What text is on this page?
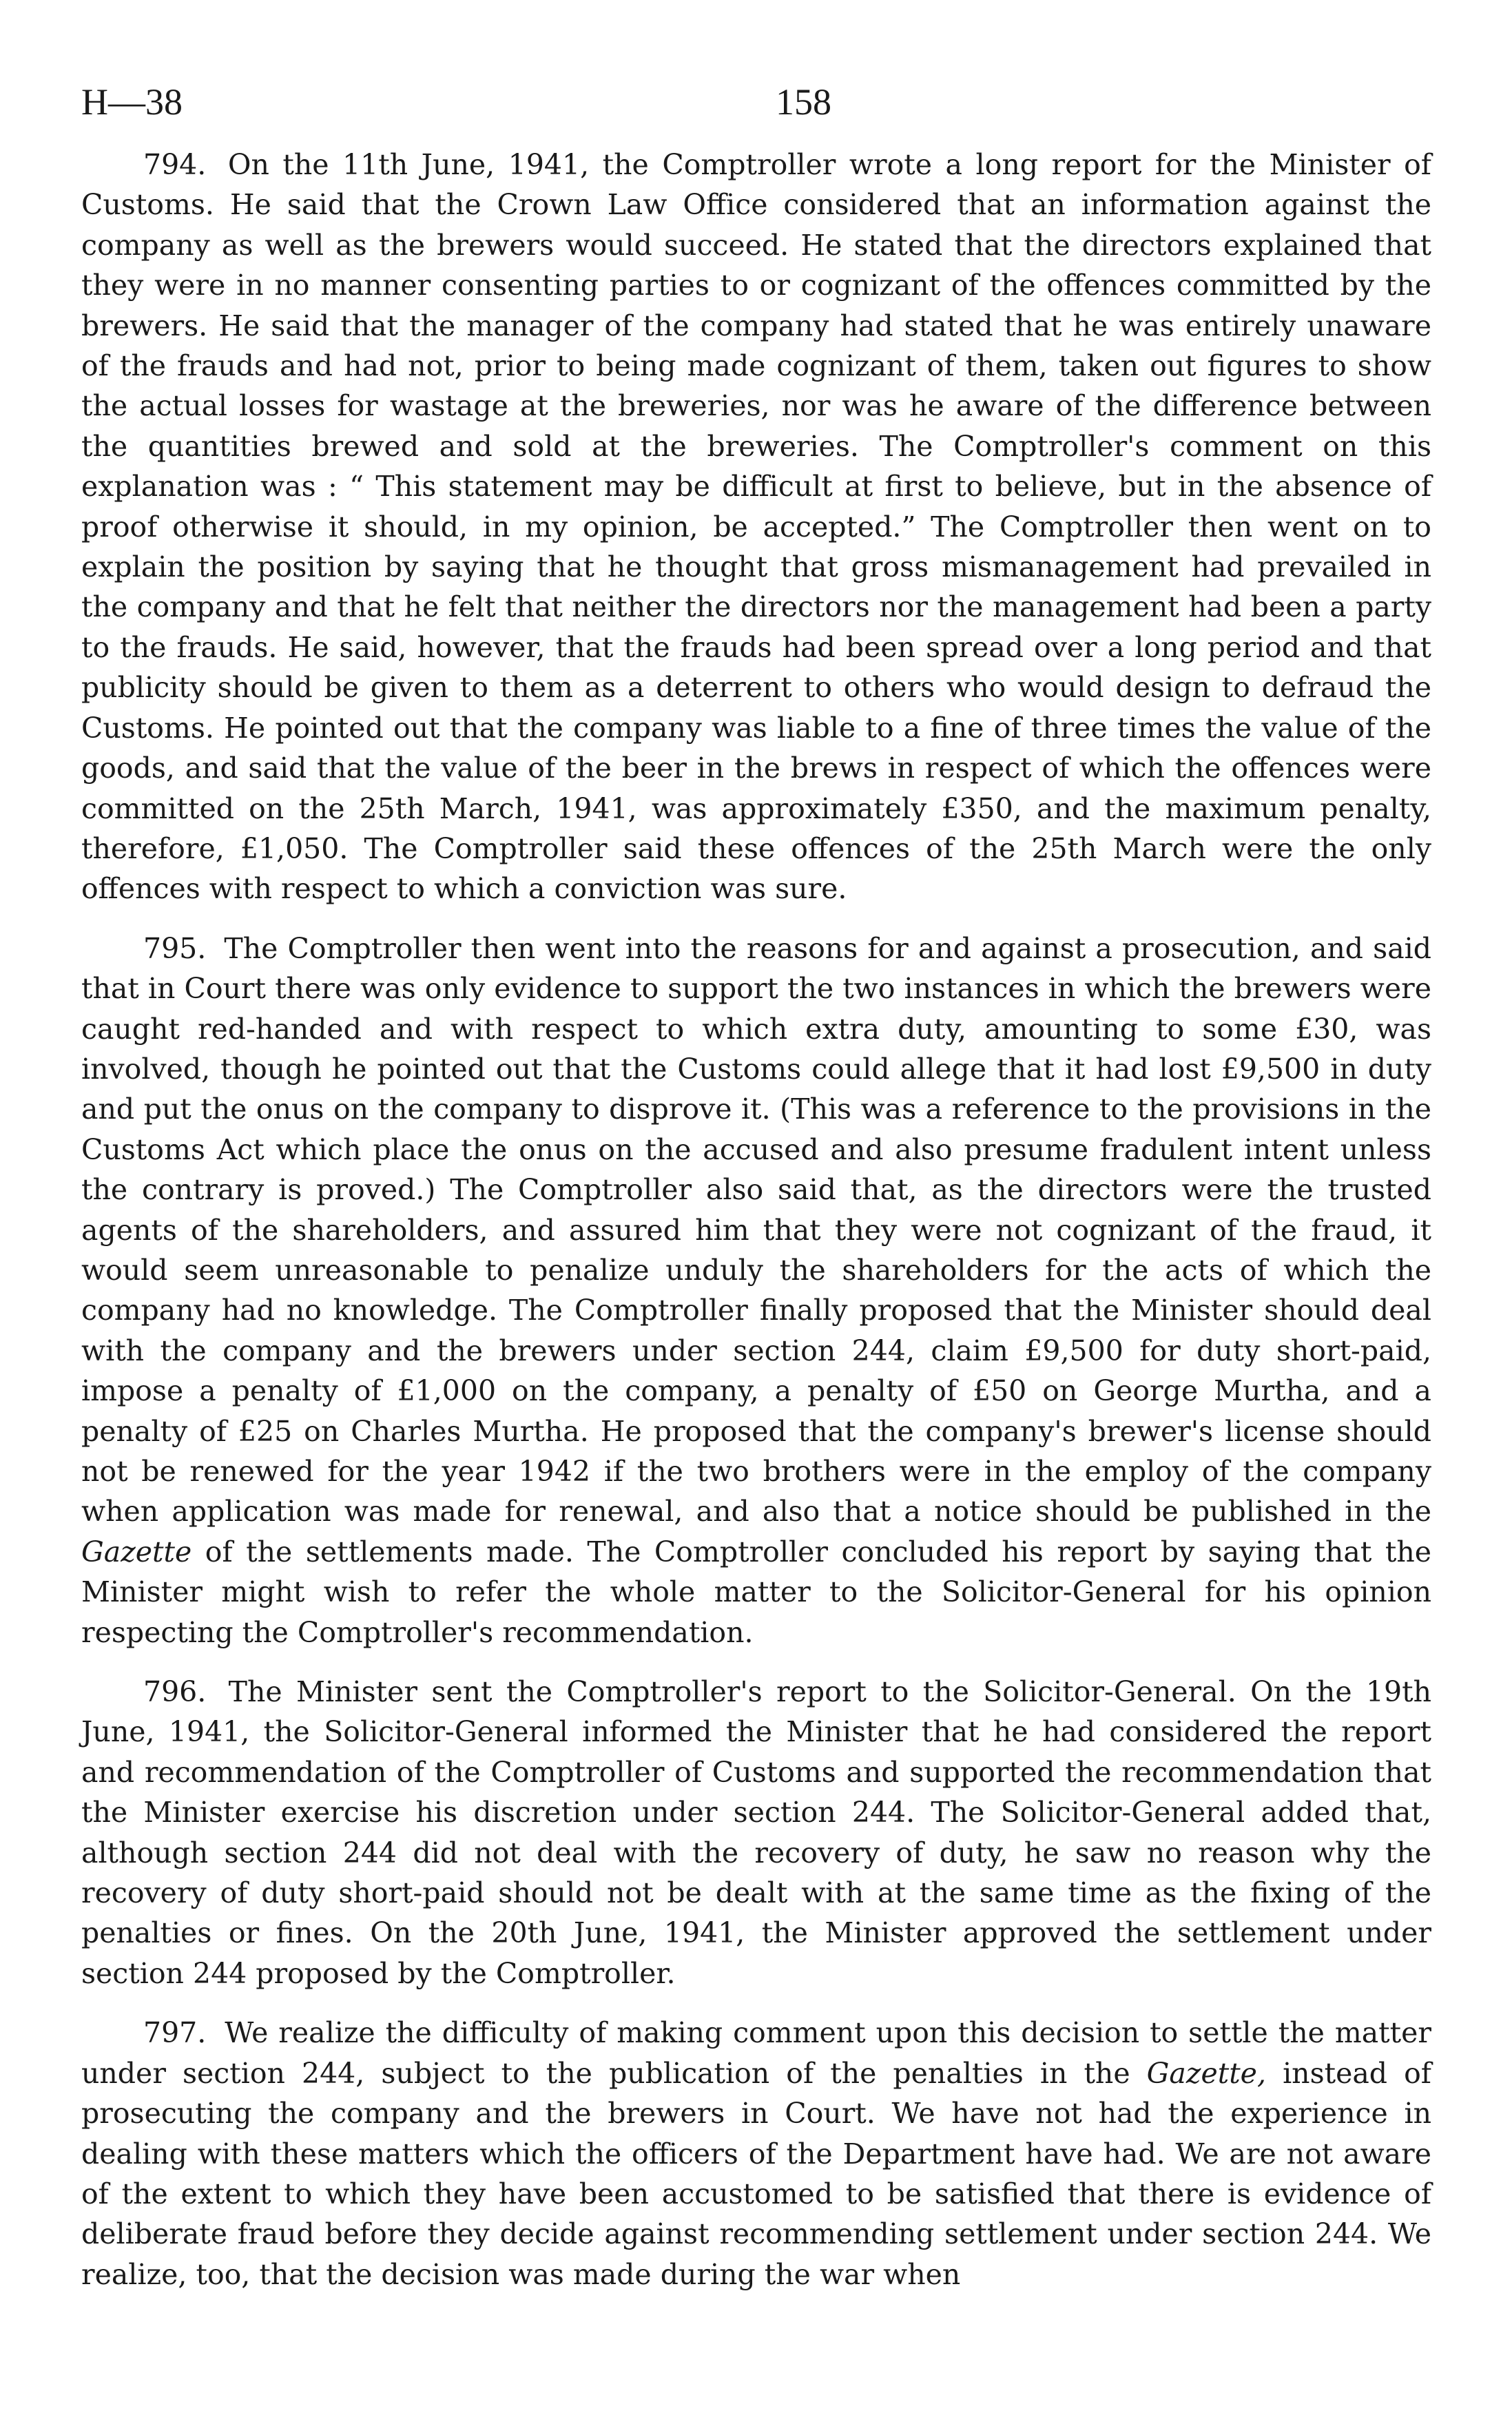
H—38	158

794. On the 11th June, 1941, the Comptroller wrote a long report for the Minister of Customs. He said that the Crown Law Office considered that an information against the company as well as the brewers would succeed. He stated that the directors explained that they were in no manner consenting parties to or cognizant of the offences committed by the brewers. He said that the manager of the company had stated that he was entirely unaware of the frauds and had not, prior to being made cognizant of them, taken out figures to show the actual losses for wastage at the breweries, nor was he aware of the difference between the quantities brewed and sold at the breweries. The Comptroller's comment on this explanation was : “ This statement may be difficult at first to believe, but in the absence of proof otherwise it should, in my opinion, be accepted.” The Comptroller then went on to explain the position by saying that he thought that gross mismanagement had prevailed in the company and that he felt that neither the directors nor the management had been a party to the frauds. He said, however, that the frauds had been spread over a long period and that publicity should be given to them as a deterrent to others who would design to defraud the Customs. He pointed out that the company was liable to a fine of three times the value of the goods, and said that the value of the beer in the brews in respect of which the offences were committed on the 25th March, 1941, was approximately £350, and the maximum penalty, therefore, £1,050. The Comptroller said these offences of the 25th March were the only offences with respect to which a conviction was sure.

795. The Comptroller then went into the reasons for and against a prosecution, and said that in Court there was only evidence to support the two instances in which the brewers were caught red-handed and with respect to which extra duty, amounting to some £30, was involved, though he pointed out that the Customs could allege that it had lost £9,500 in duty and put the onus on the company to disprove it. (This was a reference to the provisions in the Customs Act which place the onus on the accused and also presume fradulent intent unless the contrary is proved.) The Comptroller also said that, as the directors were the trusted agents of the shareholders, and assured him that they were not cognizant of the fraud, it would seem unreasonable to penalize unduly the shareholders for the acts of which the company had no knowledge. The Comptroller finally proposed that the Minister should deal with the company and the brewers under section 244, claim £9,500 for duty short-paid, impose a penalty of £1,000 on the company, a penalty of £50 on George Murtha, and a penalty of £25 on Charles Murtha. He proposed that the company's brewer's license should not be renewed for the year 1942 if the two brothers were in the employ of the company when application was made for renewal, and also that a notice should be published in the Gazette of the settlements made. The Comptroller concluded his report by saying that the Minister might wish to refer the whole matter to the Solicitor-General for his opinion respecting the Comptroller's recommendation.

796. The Minister sent the Comptroller's report to the Solicitor-General. On the 19th June, 1941, the Solicitor-General informed the Minister that he had considered the report and recommendation of the Comptroller of Customs and supported the recommendation that the Minister exercise his discretion under section 244. The Solicitor-General added that, although section 244 did not deal with the recovery of duty, he saw no reason why the recovery of duty short-paid should not be dealt with at the same time as the fixing of the penalties or fines. On the 20th June, 1941, the Minister approved the settlement under section 244 proposed by the Comptroller.

797. We realize the difficulty of making comment upon this decision to settle the matter under section 244, subject to the publication of the penalties in the Gazette, instead of prosecuting the company and the brewers in Court. We have not had the experience in dealing with these matters which the officers of the Department have had. We are not aware of the extent to which they have been accustomed to be satisfied that there is evidence of deliberate fraud before they decide against recommending settlement under section 244. We realize, too, that the decision was made during the war when
